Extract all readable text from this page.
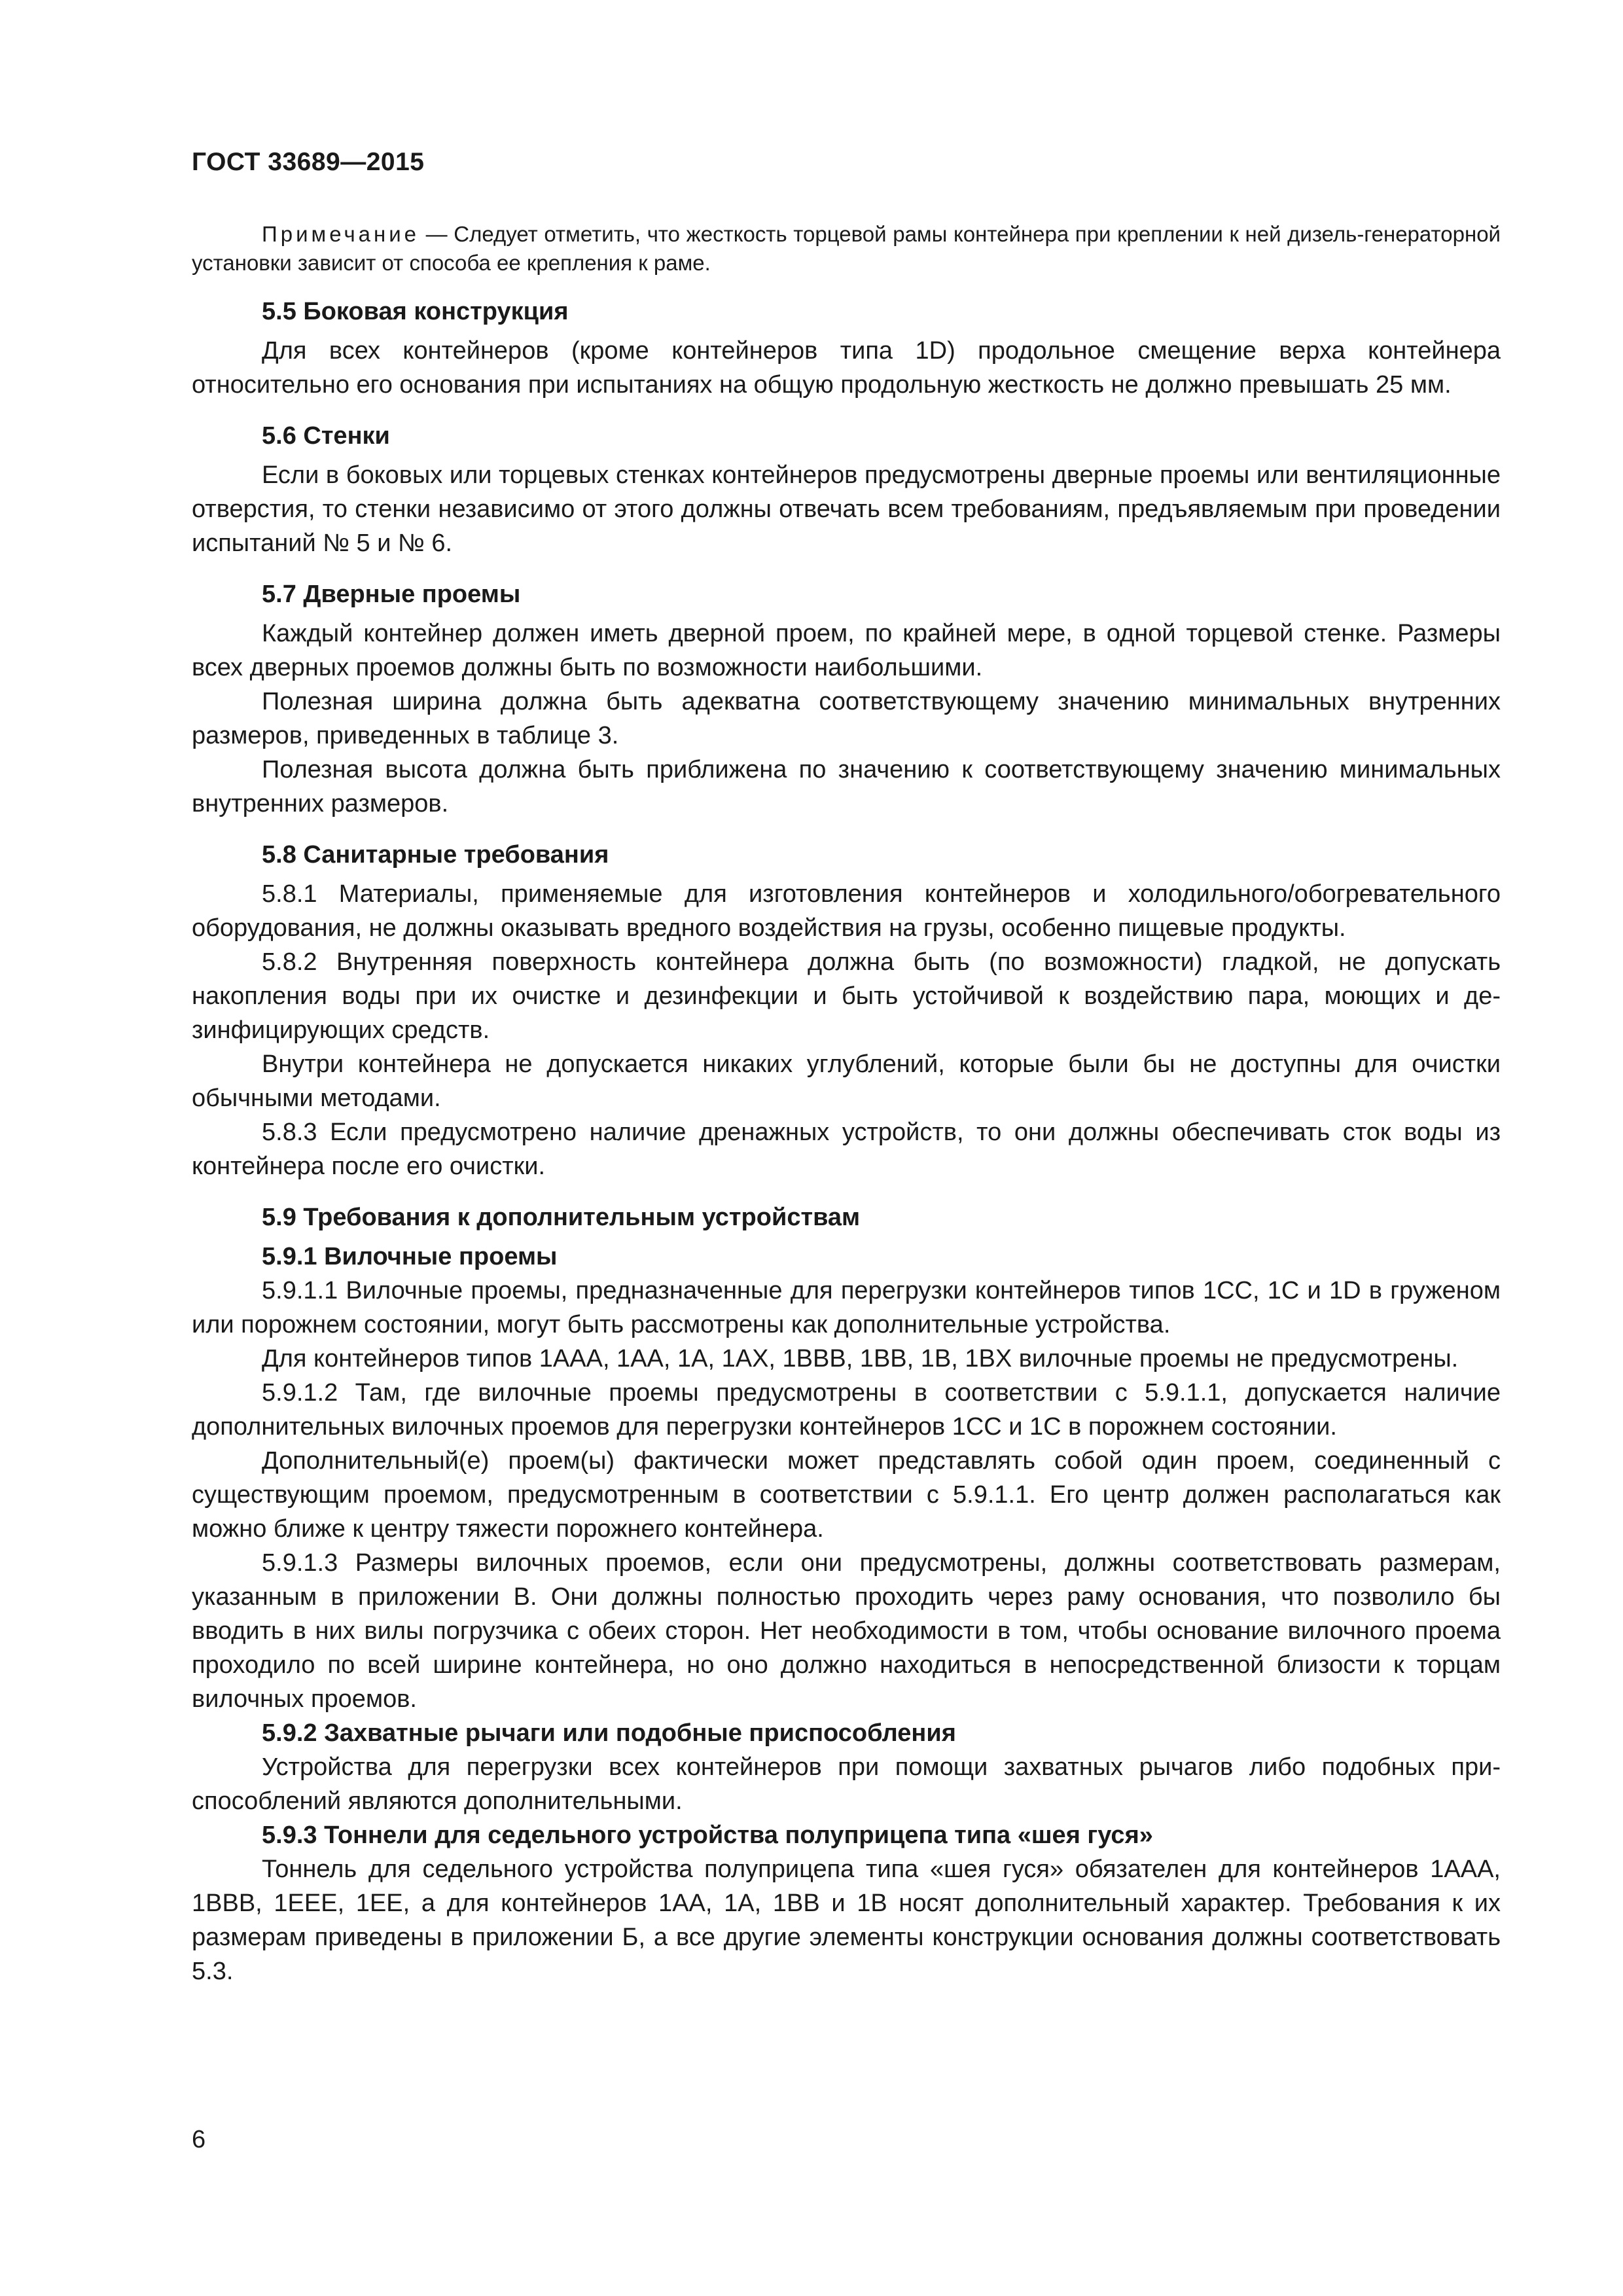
ГОСТ 33689—2015

Примечание — Следует отметить, что жесткость торцевой рамы контейнера при креплении к ней дизель-генераторной установки зависит от способа ее крепления к раме.

5.5 Боковая конструкция

Для всех контейнеров (кроме контейнеров типа 1D) продольное смещение верха контейнера относительно его основания при испытаниях на общую продольную жесткость не должно превышать 25 мм.

5.6 Стенки

Если в боковых или торцевых стенках контейнеров предусмотрены дверные проемы или вентиляционные отверстия, то стенки независимо от этого должны отвечать всем требованиям, предъявляемым при проведении испытаний № 5 и № 6.

5.7 Дверные проемы

Каждый контейнер должен иметь дверной проем, по крайней мере, в одной торцевой стенке. Размеры всех дверных проемов должны быть по возможности наибольшими.

Полезная ширина должна быть адекватна соответствующему значению минимальных внутренних размеров, приведенных в таблице 3.

Полезная высота должна быть приближена по значению к соответствующему значению минимальных внутренних размеров.

5.8 Санитарные требования

5.8.1 Материалы, применяемые для изготовления контейнеров и холодильного/обогревательного оборудования, не должны оказывать вредного воздействия на грузы, особенно пищевые продукты.

5.8.2 Внутренняя поверхность контейнера должна быть (по возможности) гладкой, не допускать накопления воды при их очистке и дезинфекции и быть устойчивой к воздействию пара, моющих и дезинфицирующих средств.

Внутри контейнера не допускается никаких углублений, которые были бы не доступны для очистки обычными методами.

5.8.3 Если предусмотрено наличие дренажных устройств, то они должны обеспечивать сток воды из контейнера после его очистки.

5.9 Требования к дополнительным устройствам

5.9.1 Вилочные проемы

5.9.1.1 Вилочные проемы, предназначенные для перегрузки контейнеров типов 1CC, 1C и 1D в груженом или порожнем состоянии, могут быть рассмотрены как дополнительные устройства.

Для контейнеров типов 1AAA, 1AA, 1A, 1AX, 1BBB, 1BB, 1B, 1BX вилочные проемы не предусмотрены.

5.9.1.2 Там, где вилочные проемы предусмотрены в соответствии с 5.9.1.1, допускается наличие дополнительных вилочных проемов для перегрузки контейнеров 1CC и 1C в порожнем состоянии.

Дополнительный(е) проем(ы) фактически может представлять собой один проем, соединенный с существующим проемом, предусмотренным в соответствии с 5.9.1.1. Его центр должен располагаться как можно ближе к центру тяжести порожнего контейнера.

5.9.1.3 Размеры вилочных проемов, если они предусмотрены, должны соответствовать размерам, указанным в приложении В. Они должны полностью проходить через раму основания, что позволило бы вводить в них вилы погрузчика с обеих сторон. Нет необходимости в том, чтобы основание вилочного проема проходило по всей ширине контейнера, но оно должно находиться в непосредственной близости к торцам вилочных проемов.

5.9.2 Захватные рычаги или подобные приспособления

Устройства для перегрузки всех контейнеров при помощи захватных рычагов либо подобных приспособлений являются дополнительными.

5.9.3 Тоннели для седельного устройства полуприцепа типа «шея гуся»

Тоннель для седельного устройства полуприцепа типа «шея гуся» обязателен для контейнеров 1AAA, 1BBB, 1EEE, 1EE, а для контейнеров 1AA, 1A, 1BB и 1B носят дополнительный характер. Требования к их размерам приведены в приложении Б, а все другие элементы конструкции основания должны соответствовать 5.3.

6
